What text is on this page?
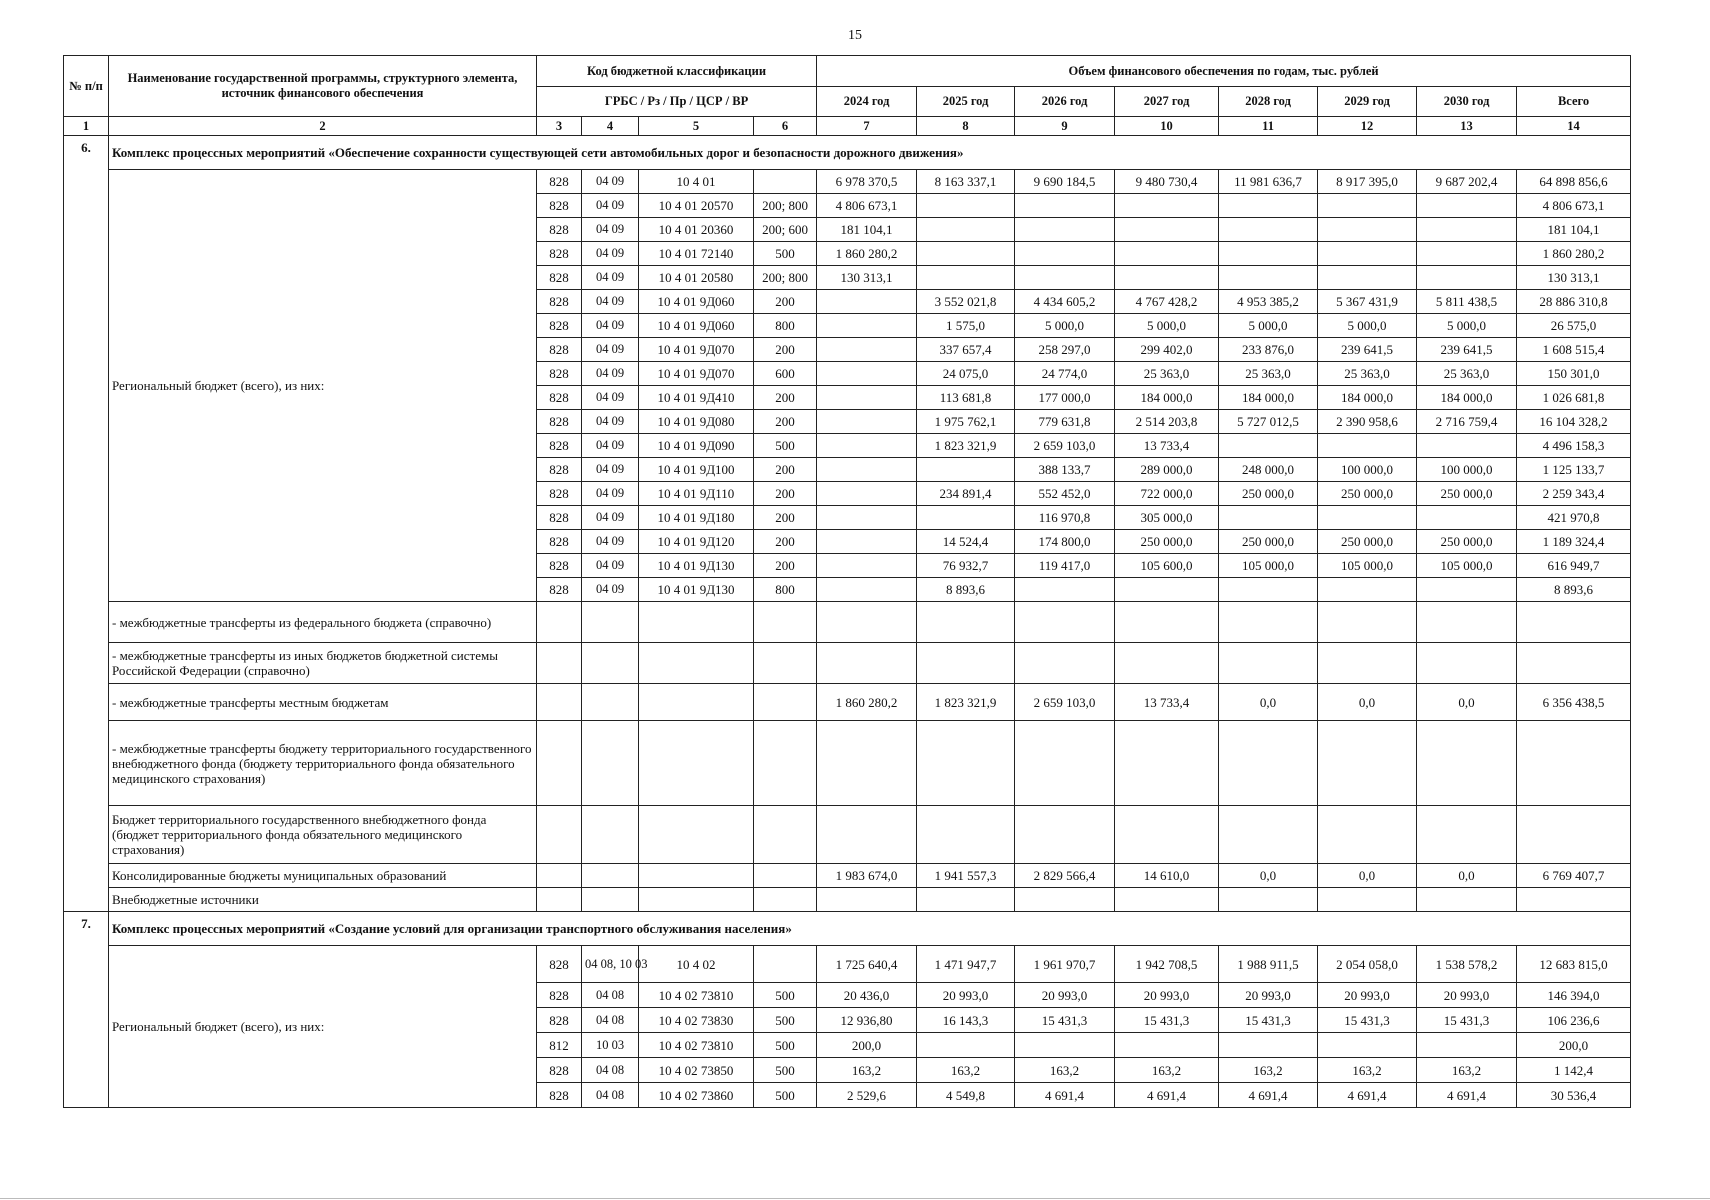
15
№ п/п	Наименование государственной программы, структурного элемента, источник финансового обеспечения	Код бюджетной классификации				Объем финансового обеспечения по годам, тыс. рублей							
		ГРБС / Рз / Пр / ЦСР / ВР				2024 год	2025 год	2026 год	2027 год	2028 год	2029 год	2030 год	Всего
1	2	3	4	5	6	7	8	9	10	11	12	13	14
6.	Комплекс процессных мероприятий «Обеспечение сохранности существующей сети автомобильных дорог и безопасности дорожного движения»												
	Региональный бюджет (всего), из них:	828	04 09	10 4 01		6 978 370,5	8 163 337,1	9 690 184,5	9 480 730,4	11 981 636,7	8 917 395,0	9 687 202,4	64 898 856,6
		828	04 09	10 4 01 20570	200; 800	4 806 673,1							4 806 673,1
		828	04 09	10 4 01 20360	200; 600	181 104,1							181 104,1
		828	04 09	10 4 01 72140	500	1 860 280,2							1 860 280,2
		828	04 09	10 4 01 20580	200; 800	130 313,1							130 313,1
		828	04 09	10 4 01 9Д060	200		3 552 021,8	4 434 605,2	4 767 428,2	4 953 385,2	5 367 431,9	5 811 438,5	28 886 310,8
		828	04 09	10 4 01 9Д060	800		1 575,0	5 000,0	5 000,0	5 000,0	5 000,0	5 000,0	26 575,0
		828	04 09	10 4 01 9Д070	200		337 657,4	258 297,0	299 402,0	233 876,0	239 641,5	239 641,5	1 608 515,4
		828	04 09	10 4 01 9Д070	600		24 075,0	24 774,0	25 363,0	25 363,0	25 363,0	25 363,0	150 301,0
		828	04 09	10 4 01 9Д410	200		113 681,8	177 000,0	184 000,0	184 000,0	184 000,0	184 000,0	1 026 681,8
		828	04 09	10 4 01 9Д080	200		1 975 762,1	779 631,8	2 514 203,8	5 727 012,5	2 390 958,6	2 716 759,4	16 104 328,2
		828	04 09	10 4 01 9Д090	500		1 823 321,9	2 659 103,0	13 733,4				4 496 158,3
		828	04 09	10 4 01 9Д100	200			388 133,7	289 000,0	248 000,0	100 000,0	100 000,0	1 125 133,7
		828	04 09	10 4 01 9Д110	200		234 891,4	552 452,0	722 000,0	250 000,0	250 000,0	250 000,0	2 259 343,4
		828	04 09	10 4 01 9Д180	200			116 970,8	305 000,0				421 970,8
		828	04 09	10 4 01 9Д120	200		14 524,4	174 800,0	250 000,0	250 000,0	250 000,0	250 000,0	1 189 324,4
		828	04 09	10 4 01 9Д130	200		76 932,7	119 417,0	105 600,0	105 000,0	105 000,0	105 000,0	616 949,7
		828	04 09	10 4 01 9Д130	800		8 893,6						8 893,6
	- межбюджетные трансферты из федерального бюджета (справочно)												
	- межбюджетные трансферты из иных бюджетов бюджетной системы Российской Федерации (справочно)												
	- межбюджетные трансферты местным бюджетам					1 860 280,2	1 823 321,9	2 659 103,0	13 733,4	0,0	0,0	0,0	6 356 438,5
	- межбюджетные трансферты бюджету территориального государственного внебюджетного фонда (бюджету территориального фонда обязательного медицинского страхования)												
	Бюджет территориального государственного внебюджетного фонда (бюджет территориального фонда обязательного медицинского страхования)												
	Консолидированные бюджеты муниципальных образований					1 983 674,0	1 941 557,3	2 829 566,4	14 610,0	0,0	0,0	0,0	6 769 407,7
	Внебюджетные источники												
7.	Комплекс процессных мероприятий «Создание условий для организации транспортного обслуживания населения»												
	Региональный бюджет (всего), из них:	828	04 08, 10 03	10 4 02		1 725 640,4	1 471 947,7	1 961 970,7	1 942 708,5	1 988 911,5	2 054 058,0	1 538 578,2	12 683 815,0
		828	04 08	10 4 02 73810	500	20 436,0	20 993,0	20 993,0	20 993,0	20 993,0	20 993,0	20 993,0	146 394,0
		828	04 08	10 4 02 73830	500	12 936,80	16 143,3	15 431,3	15 431,3	15 431,3	15 431,3	15 431,3	106 236,6
		812	10 03	10 4 02 73810	500	200,0							200,0
		828	04 08	10 4 02 73850	500	163,2	163,2	163,2	163,2	163,2	163,2	163,2	1 142,4
		828	04 08	10 4 02 73860	500	2 529,6	4 549,8	4 691,4	4 691,4	4 691,4	4 691,4	4 691,4	30 536,4
